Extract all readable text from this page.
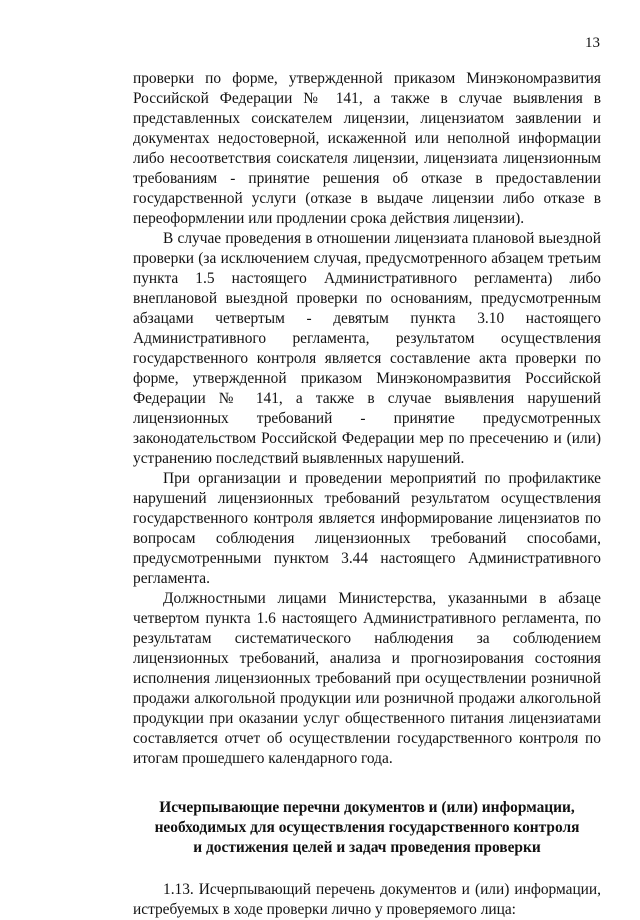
13

проверки по форме, утвержденной приказом Минэкономразвития Российской Федерации № 141, а также в случае выявления в представленных соискателем лицензии, лицензиатом заявлении и документах недостоверной, искаженной или неполной информации либо несоответствия соискателя лицензии, лицензиата лицензионным требованиям - принятие решения об отказе в предоставлении государственной услуги (отказе в выдаче лицензии либо отказе в переоформлении или продлении срока действия лицензии).

В случае проведения в отношении лицензиата плановой выездной проверки (за исключением случая, предусмотренного абзацем третьим пункта 1.5 настоящего Административного регламента) либо внеплановой выездной проверки по основаниям, предусмотренным абзацами четвертым - девятым пункта 3.10 настоящего Административного регламента, результатом осуществления государственного контроля является составление акта проверки по форме, утвержденной приказом Минэкономразвития Российской Федерации № 141, а также в случае выявления нарушений лицензионных требований - принятие предусмотренных законодательством Российской Федерации мер по пресечению и (или) устранению последствий выявленных нарушений.

При организации и проведении мероприятий по профилактике нарушений лицензионных требований результатом осуществления государственного контроля является информирование лицензиатов по вопросам соблюдения лицензионных требований способами, предусмотренными пунктом 3.44 настоящего Административного регламента.

Должностными лицами Министерства, указанными в абзаце четвертом пункта 1.6 настоящего Административного регламента, по результатам систематического наблюдения за соблюдением лицензионных требований, анализа и прогнозирования состояния исполнения лицензионных требований при осуществлении розничной продажи алкогольной продукции или розничной продажи алкогольной продукции при оказании услуг общественного питания лицензиатами составляется отчет об осуществлении государственного контроля по итогам прошедшего календарного года.

Исчерпывающие перечни документов и (или) информации,
необходимых для осуществления государственного контроля
и достижения целей и задач проведения проверки

1.13. Исчерпывающий перечень документов и (или) информации, истребуемых в ходе проверки лично у проверяемого лица:
